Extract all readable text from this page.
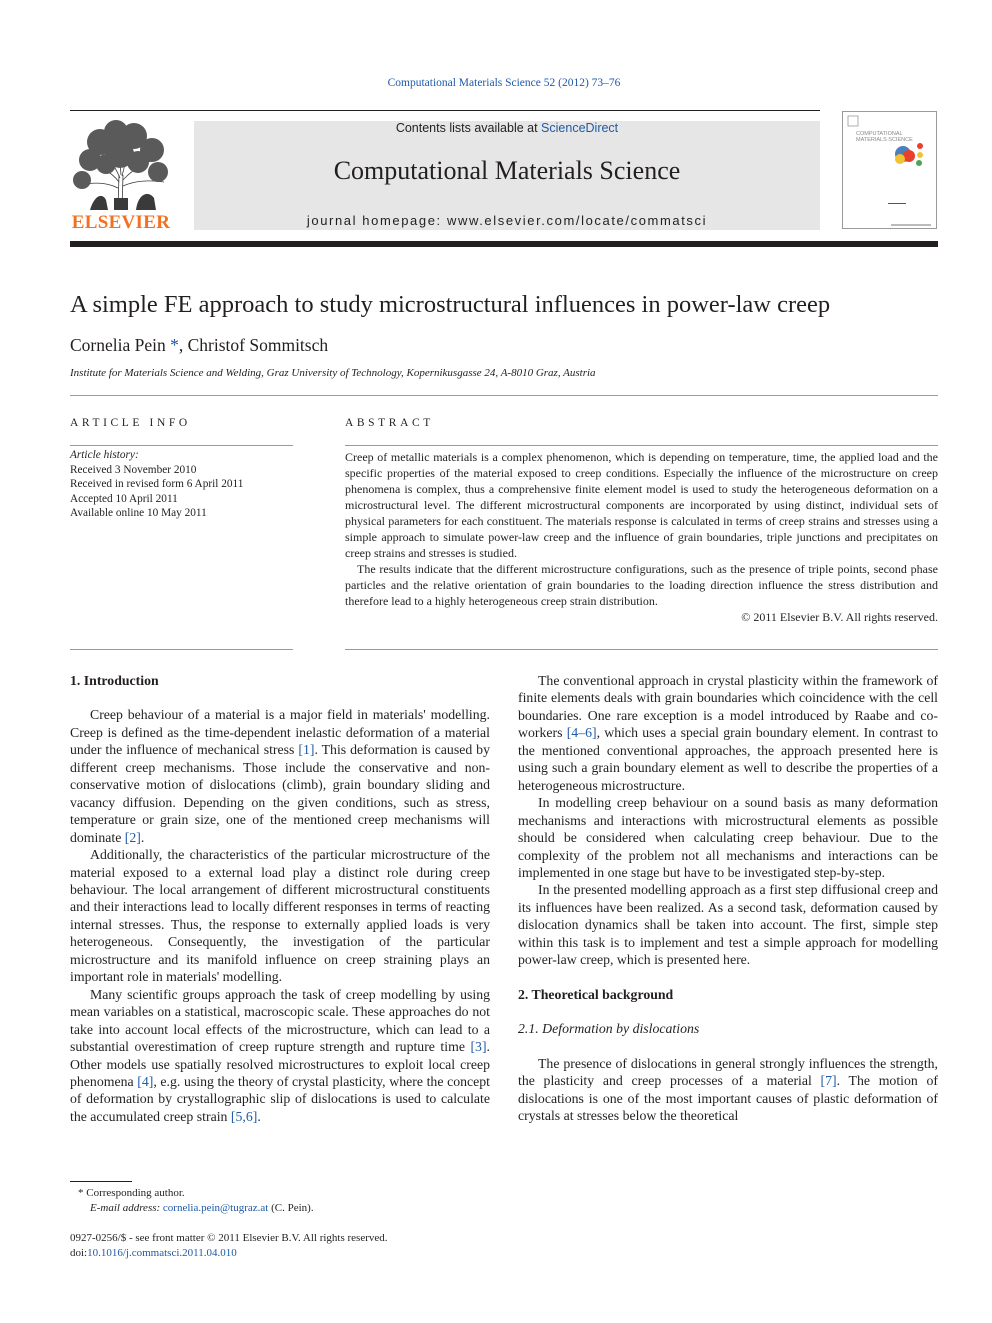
Computational Materials Science 52 (2012) 73–76
ELSEVIER
Contents lists available at ScienceDirect
Computational Materials Science
journal homepage: www.elsevier.com/locate/commatsci
COMPUTATIONAL MATERIALS SCIENCE
A simple FE approach to study microstructural influences in power-law creep
Cornelia Pein *, Christof Sommitsch
Institute for Materials Science and Welding, Graz University of Technology, Kopernikusgasse 24, A-8010 Graz, Austria
ARTICLE INFO	ABSTRACT
Article history:
Received 3 November 2010
Received in revised form 6 April 2011
Accepted 10 April 2011
Available online 10 May 2011

Creep of metallic materials is a complex phenomenon, which is depending on temperature, time, the applied load and the specific properties of the material exposed to creep conditions. Especially the influence of the microstructure on creep phenomena is complex, thus a comprehensive finite element model is used to study the heterogeneous deformation on a microstructural level. The different microstructural components are incorporated by using distinct, individual sets of physical parameters for each constituent. The materials response is calculated in terms of creep strains and stresses using a simple approach to simulate power-law creep and the influence of grain boundaries, triple junctions and precipitates on creep strains and stresses is studied.

The results indicate that the different microstructure configurations, such as the presence of triple points, second phase particles and the relative orientation of grain boundaries to the loading direction influence the stress distribution and therefore lead to a highly heterogeneous creep strain distribution.

© 2011 Elsevier B.V. All rights reserved.

1. Introduction

Creep behaviour of a material is a major field in materials' modelling. Creep is defined as the time-dependent inelastic deformation of a material under the influence of mechanical stress [1]. This deformation is caused by different creep mechanisms. Those include the conservative and non-conservative motion of dislocations (climb), grain boundary sliding and vacancy diffusion. Depending on the given conditions, such as stress, temperature or grain size, one of the mentioned creep mechanisms will dominate [2].

Additionally, the characteristics of the particular microstructure of the material exposed to a external load play a distinct role during creep behaviour. The local arrangement of different microstructural constituents and their interactions lead to locally different responses in terms of reacting internal stresses. Thus, the response to externally applied loads is very heterogeneous. Consequently, the investigation of the particular microstructure and its manifold influence on creep straining plays an important role in materials' modelling.

Many scientific groups approach the task of creep modelling by using mean variables on a statistical, macroscopic scale. These approaches do not take into account local effects of the microstructure, which can lead to a substantial overestimation of creep rupture strength and rupture time [3]. Other models use spatially resolved microstructures to exploit local creep phenomena [4], e.g. using the theory of crystal plasticity, where the concept of deformation by crystallographic slip of dislocations is used to calculate the accumulated creep strain [5,6].

The conventional approach in crystal plasticity within the framework of finite elements deals with grain boundaries which coincidence with the cell boundaries. One rare exception is a model introduced by Raabe and co-workers [4–6], which uses a special grain boundary element. In contrast to the mentioned conventional approaches, the approach presented here is using such a grain boundary element as well to describe the properties of a heterogeneous microstructure.

In modelling creep behaviour on a sound basis as many deformation mechanisms and interactions with microstructural elements as possible should be considered when calculating creep behaviour. Due to the complexity of the problem not all mechanisms and interactions can be implemented in one stage but have to be investigated step-by-step.

In the presented modelling approach as a first step diffusional creep and its influences have been realized. As a second task, deformation caused by dislocation dynamics shall be taken into account. The first, simple step within this task is to implement and test a simple approach for modelling power-law creep, which is presented here.

2. Theoretical background
2.1. Deformation by dislocations

The presence of dislocations in general strongly influences the strength, the plasticity and creep processes of a material [7]. The motion of dislocations is one of the most important causes of plastic deformation of crystals at stresses below the theoretical

* Corresponding author.
E-mail address: cornelia.pein@tugraz.at (C. Pein).
0927-0256/$ - see front matter © 2011 Elsevier B.V. All rights reserved.
doi:10.1016/j.commatsci.2011.04.010
